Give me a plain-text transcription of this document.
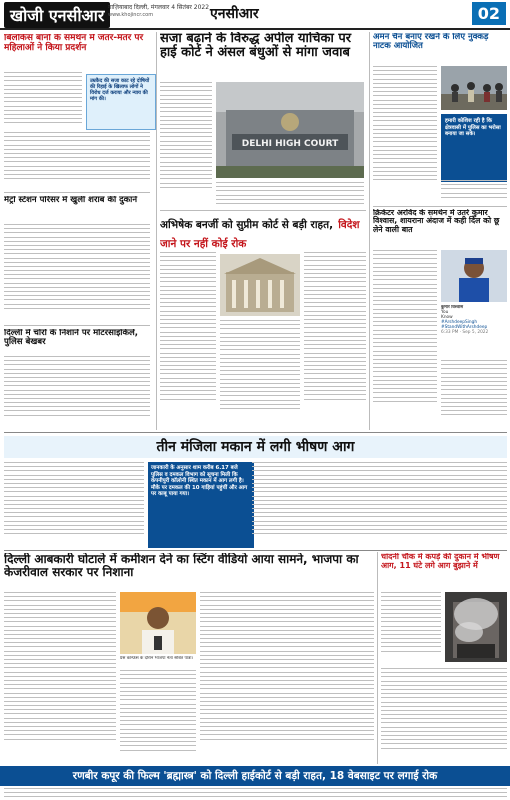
खोजी एनसीआर गाज़ियाबाद दिल्ली, मंगलवार 4 सितंबर 2022
www.khojincr.com	एनसीआर	02
बिलकिस बानो के समर्थन में जंतर-मंतर पर महिलाओं ने किया प्रदर्शन
उम्रकैद की सजा काट रहे दोषियों की रिहाई के खिलाफ लोगों ने विरोध दर्ज कराया और न्याय की मांग की।
मेट्रो स्टेशन परिसर में खुली शराब की दुकानें
दिल्ली में चोरों के निशाने पर मोटरसाइकिलें, पुलिस बेखबर
सजा बढ़ाने के विरुद्ध अपील याचिका पर हाई कोर्ट ने अंसल बंधुओं से मांगा जवाब
DELHI HIGH COURT
अभिषेक बनर्जी को सुप्रीम कोर्ट से बड़ी राहत, विदेश जाने पर नहीं कोई रोक
अमन चैन बनाए रखने के लिए नुक्कड़ नाटक आयोजित
हमारी कोशिश रही है कि क्षेत्रवासी में पुलिस का भरोसा बनाया जा सके।
क्रिकेटर अरविंद के समर्थन में उतरे कुमार विश्वास, शायराना अंदाज में कही दिल को छू लेने वाली बात
कुमार विश्वास
You
Know
#ArshdeepSingh
#StandWithArshdeep
6:33 PM · Sep 5, 2022
तीन मंजिला मकान में लगी भीषण आग
जानकारी के अनुसार शाम करीब 6.17 बजे पुलिस व दमकल विभाग को सूचना मिली कि कंपनीपुरी कॉलोनी स्थित मकान में आग लगी है। मौके पर दमकल की 10 गाड़ियां पहुंचीं और आग पर काबू पाया गया।
दिल्ली आबकारी घोटाले में कमीशन देने का स्टिंग वीडियो आया सामने, भाजपा का केजरीवाल सरकार पर निशाना
प्रेस कॉन्फ्रेंस के दौरान भाजपा नेता संबित पात्रा।
चांदनी चौक में कपड़े की दुकान में भीषण आग, 11 घंटे लगे आग बुझाने में
रणबीर कपूर की फिल्म 'ब्रह्मास्त्र' को दिल्ली हाईकोर्ट से बड़ी राहत, 18 वेबसाइट पर लगाई रोक
